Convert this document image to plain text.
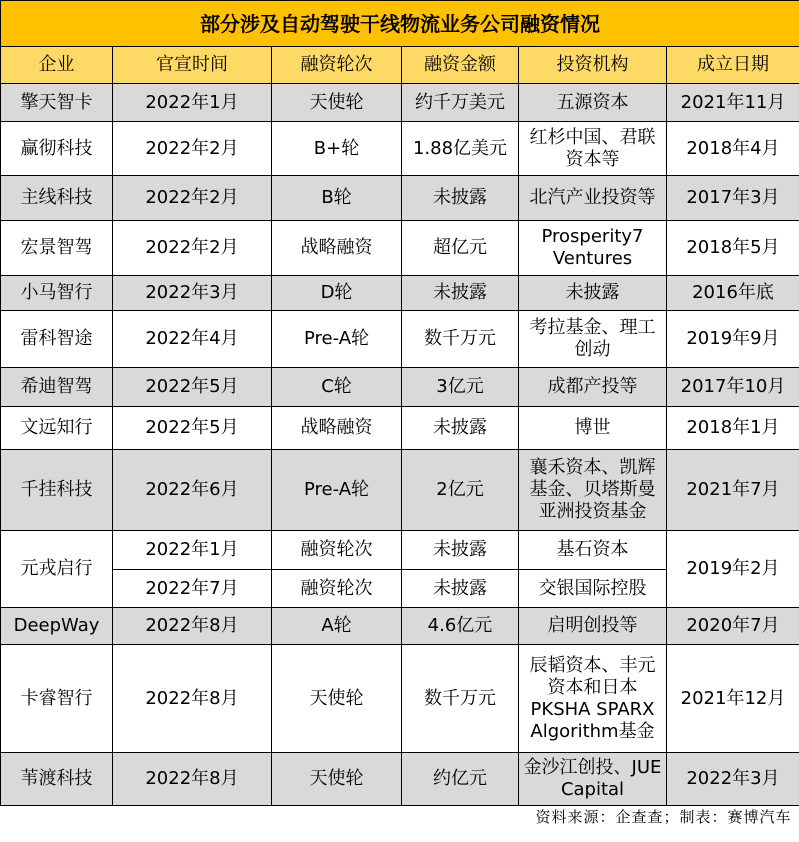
部分涉及自动驾驶干线物流业务公司融资情况					
企业	官宣时间	融资轮次	融资金额	投资机构	成立日期
擎天智卡	2022年1月	天使轮	约千万美元	五源资本	2021年11月
赢彻科技	2022年2月	B+轮	1.88亿美元	红杉中国、君联资本等	2018年4月
主线科技	2022年2月	B轮	未披露	北汽产业投资等	2017年3月
宏景智驾	2022年2月	战略融资	超亿元	Prosperity7 Ventures	2018年5月
小马智行	2022年3月	D轮	未披露	未披露	2016年底
雷科智途	2022年4月	Pre-A轮	数千万元	考拉基金、理工创动	2019年9月
希迪智驾	2022年5月	C轮	3亿元	成都产投等	2017年10月
文远知行	2022年5月	战略融资	未披露	博世	2018年1月
千挂科技	2022年6月	Pre-A轮	2亿元	襄禾资本、凯辉基金、贝塔斯曼亚洲投资基金	2021年7月
元戎启行	2022年1月	融资轮次	未披露	基石资本	2019年2月
	2022年7月	融资轮次	未披露	交银国际控股	
DeepWay	2022年8月	A轮	4.6亿元	启明创投等	2020年7月
卡睿智行	2022年8月	天使轮	数千万元	辰韬资本、丰元资本和日本PKSHA SPARX Algorithm基金	2021年12月
苇渡科技	2022年8月	天使轮	约亿元	金沙江创投、JUE Capital	2022年3月
资料来源：企查查；制表：赛博汽车					
